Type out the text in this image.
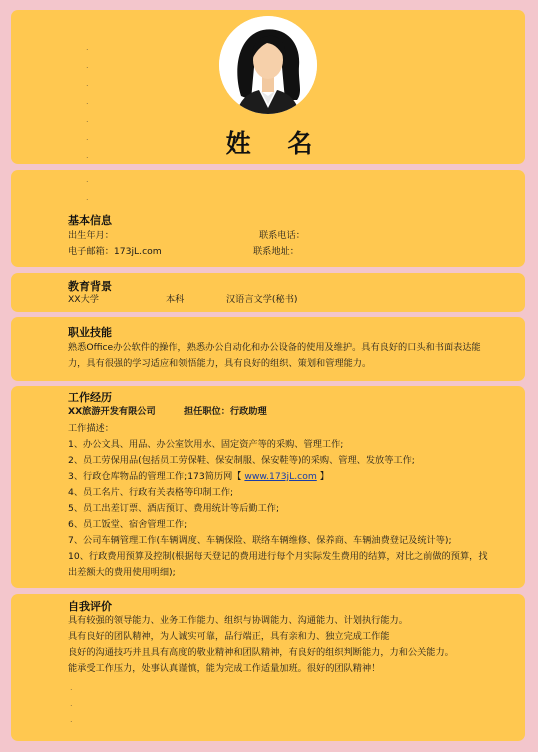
姓 名
.
.
.
.
.
.
.
.
.
基本信息
出生年月：	联系电话：
电子邮箱：173jL.com	联系地址：
教育背景
XX大学	本科	汉语言文学(秘书)
职业技能
熟悉Office办公软件的操作，熟悉办公自动化和办公设备的使用及维护。具有良好的口头和书面表达能力，具有很强的学习适应和领悟能力，具有良好的组织、策划和管理能力。
工作经历
XX旅游开发有限公司	担任职位：行政助理
工作描述：
1、办公文具、用品、办公室饮用水、固定资产等的采购、管理工作;
2、员工劳保用品(包括员工劳保鞋、保安制服、保安鞋等)的采购、管理、发放等工作;
3、行政仓库物品的管理工作;173简历网【 www.173jL.com 】
4、员工名片、行政有关表格等印制工作;
5、员工出差订票、酒店预订、费用统计等后勤工作;
6、员工饭堂、宿舍管理工作;
7、公司车辆管理工作(车辆调度、车辆保险、联络车辆维修、保养商、车辆油费登记及统计等);
10、行政费用预算及控制(根据每天登记的费用进行每个月实际发生费用的结算，对比之前做的预算，找出差额大的费用使用明细);
自我评价
具有较强的领导能力、业务工作能力、组织与协调能力、沟通能力、计划执行能力。
具有良好的团队精神，为人诚实可靠，品行端正，具有亲和力、独立完成工作能
良好的沟通技巧并且具有高度的敬业精神和团队精神，有良好的组织判断能力，力和公关能力。
能承受工作压力，处事认真谨慎，能为完成工作适量加班。很好的团队精神！
.
.
.
